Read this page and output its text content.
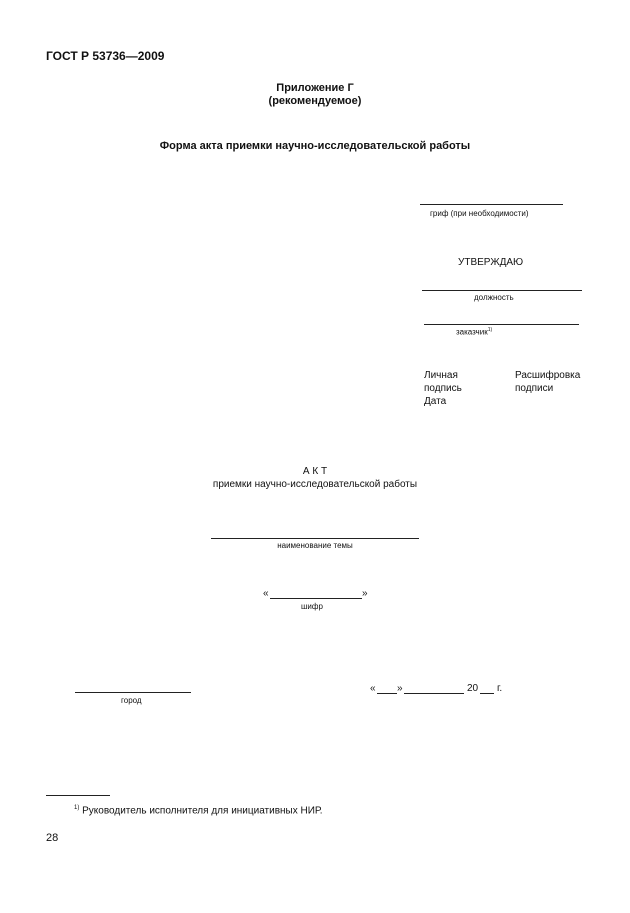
ГОСТ Р 53736—2009
Приложение Г
(рекомендуемое)
Форма акта приемки научно-исследовательской работы
гриф (при необходимости)
УТВЕРЖДАЮ
должность
заказчик$^{1)}$
Личная
подпись
Дата
Расшифровка
подписи
А К Т
приемки научно-исследовательской работы
наименование темы
«	»
шифр
город
« »	20 г.
$^{1)}$ Руководитель исполнителя для инициативных НИР.
28
